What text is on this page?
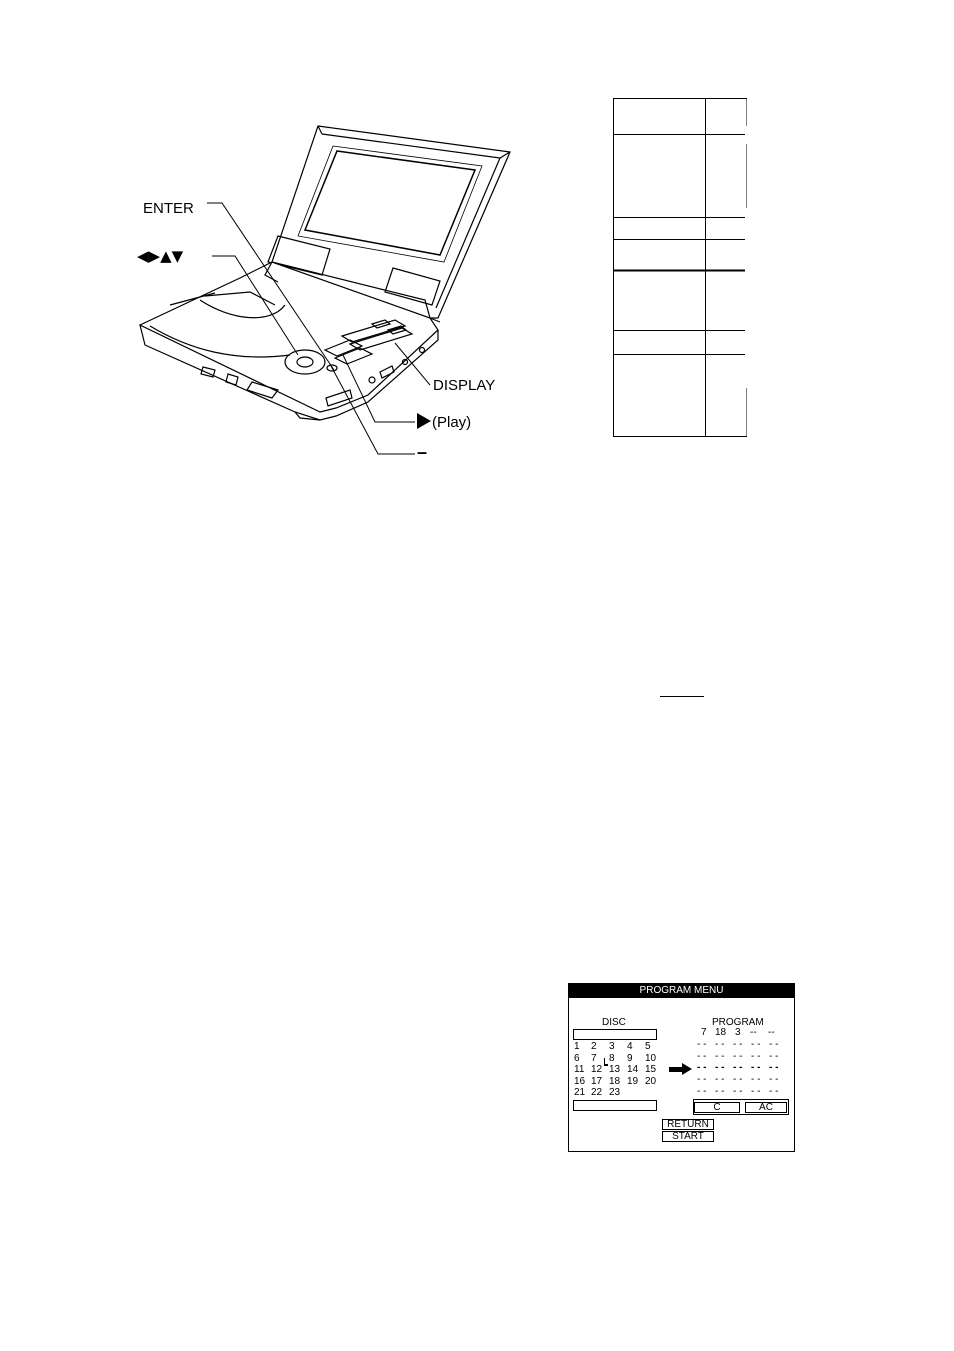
ENTER
◀▶▲▼
DISPLAY
(Play)
–
PROGRAM MENU
DISC
1 2 3 4 5
6 7 8 9 10
11 12 13 14 15
16 17 18 19 20
21 22 23
PROGRAM
7 18 3 -- --
- - - - - - - - - -
- - - - - - - - - -
- - - - - - - - - -
- - - - - - - - - -
- - - - - - - - - -
C	AC
RETURN
START
